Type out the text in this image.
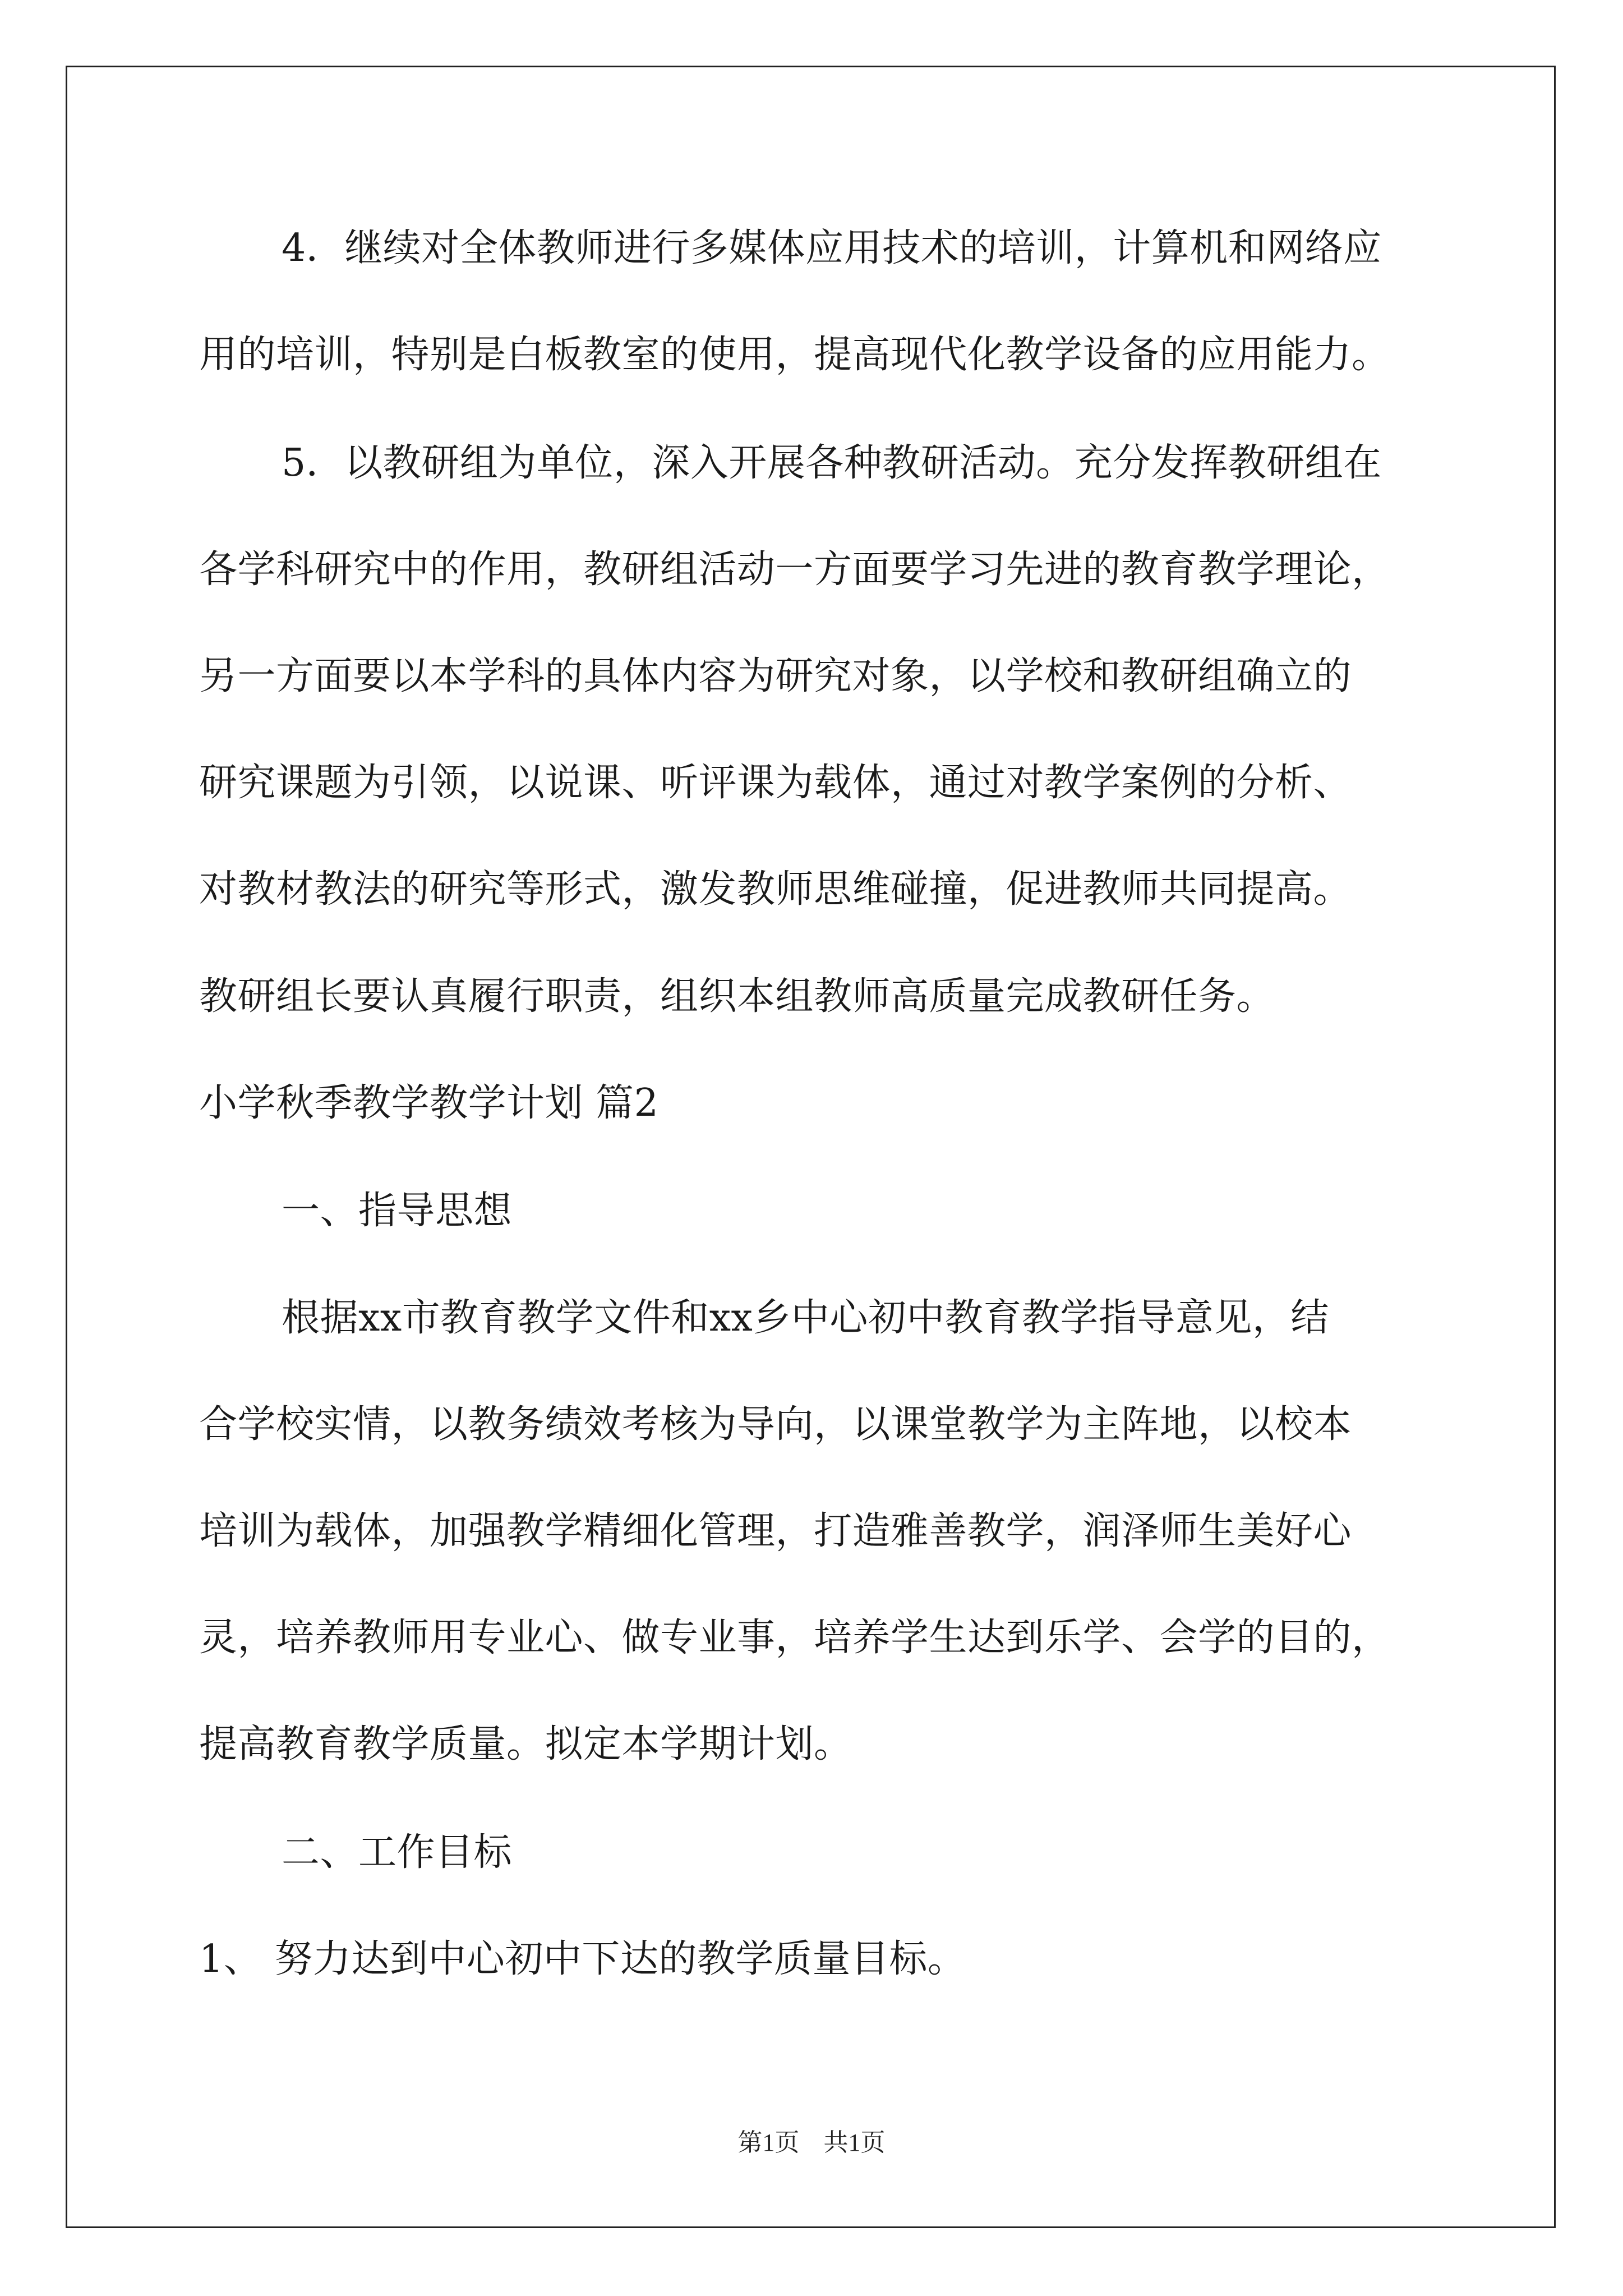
4．继续对全体教师进行多媒体应用技术的培训，计算机和网络应
用的培训，特别是白板教室的使用，提高现代化教学设备的应用能力。
5．以教研组为单位，深入开展各种教研活动。充分发挥教研组在
各学科研究中的作用，教研组活动一方面要学习先进的教育教学理论，
另一方面要以本学科的具体内容为研究对象，以学校和教研组确立的
研究课题为引领，以说课、听评课为载体，通过对教学案例的分析、
对教材教法的研究等形式，激发教师思维碰撞，促进教师共同提高。
教研组长要认真履行职责，组织本组教师高质量完成教研任务。
小学秋季教学教学计划 篇2
一、指导思想
根据xx市教育教学文件和xx乡中心初中教育教学指导意见，结
合学校实情，以教务绩效考核为导向，以课堂教学为主阵地，以校本
培训为载体，加强教学精细化管理，打造雅善教学，润泽师生美好心
灵，培养教师用专业心、做专业事，培养学生达到乐学、会学的目的，
提高教育教学质量。拟定本学期计划。
二、工作目标
1、 努力达到中心初中下达的教学质量目标。
第1页 共1页
